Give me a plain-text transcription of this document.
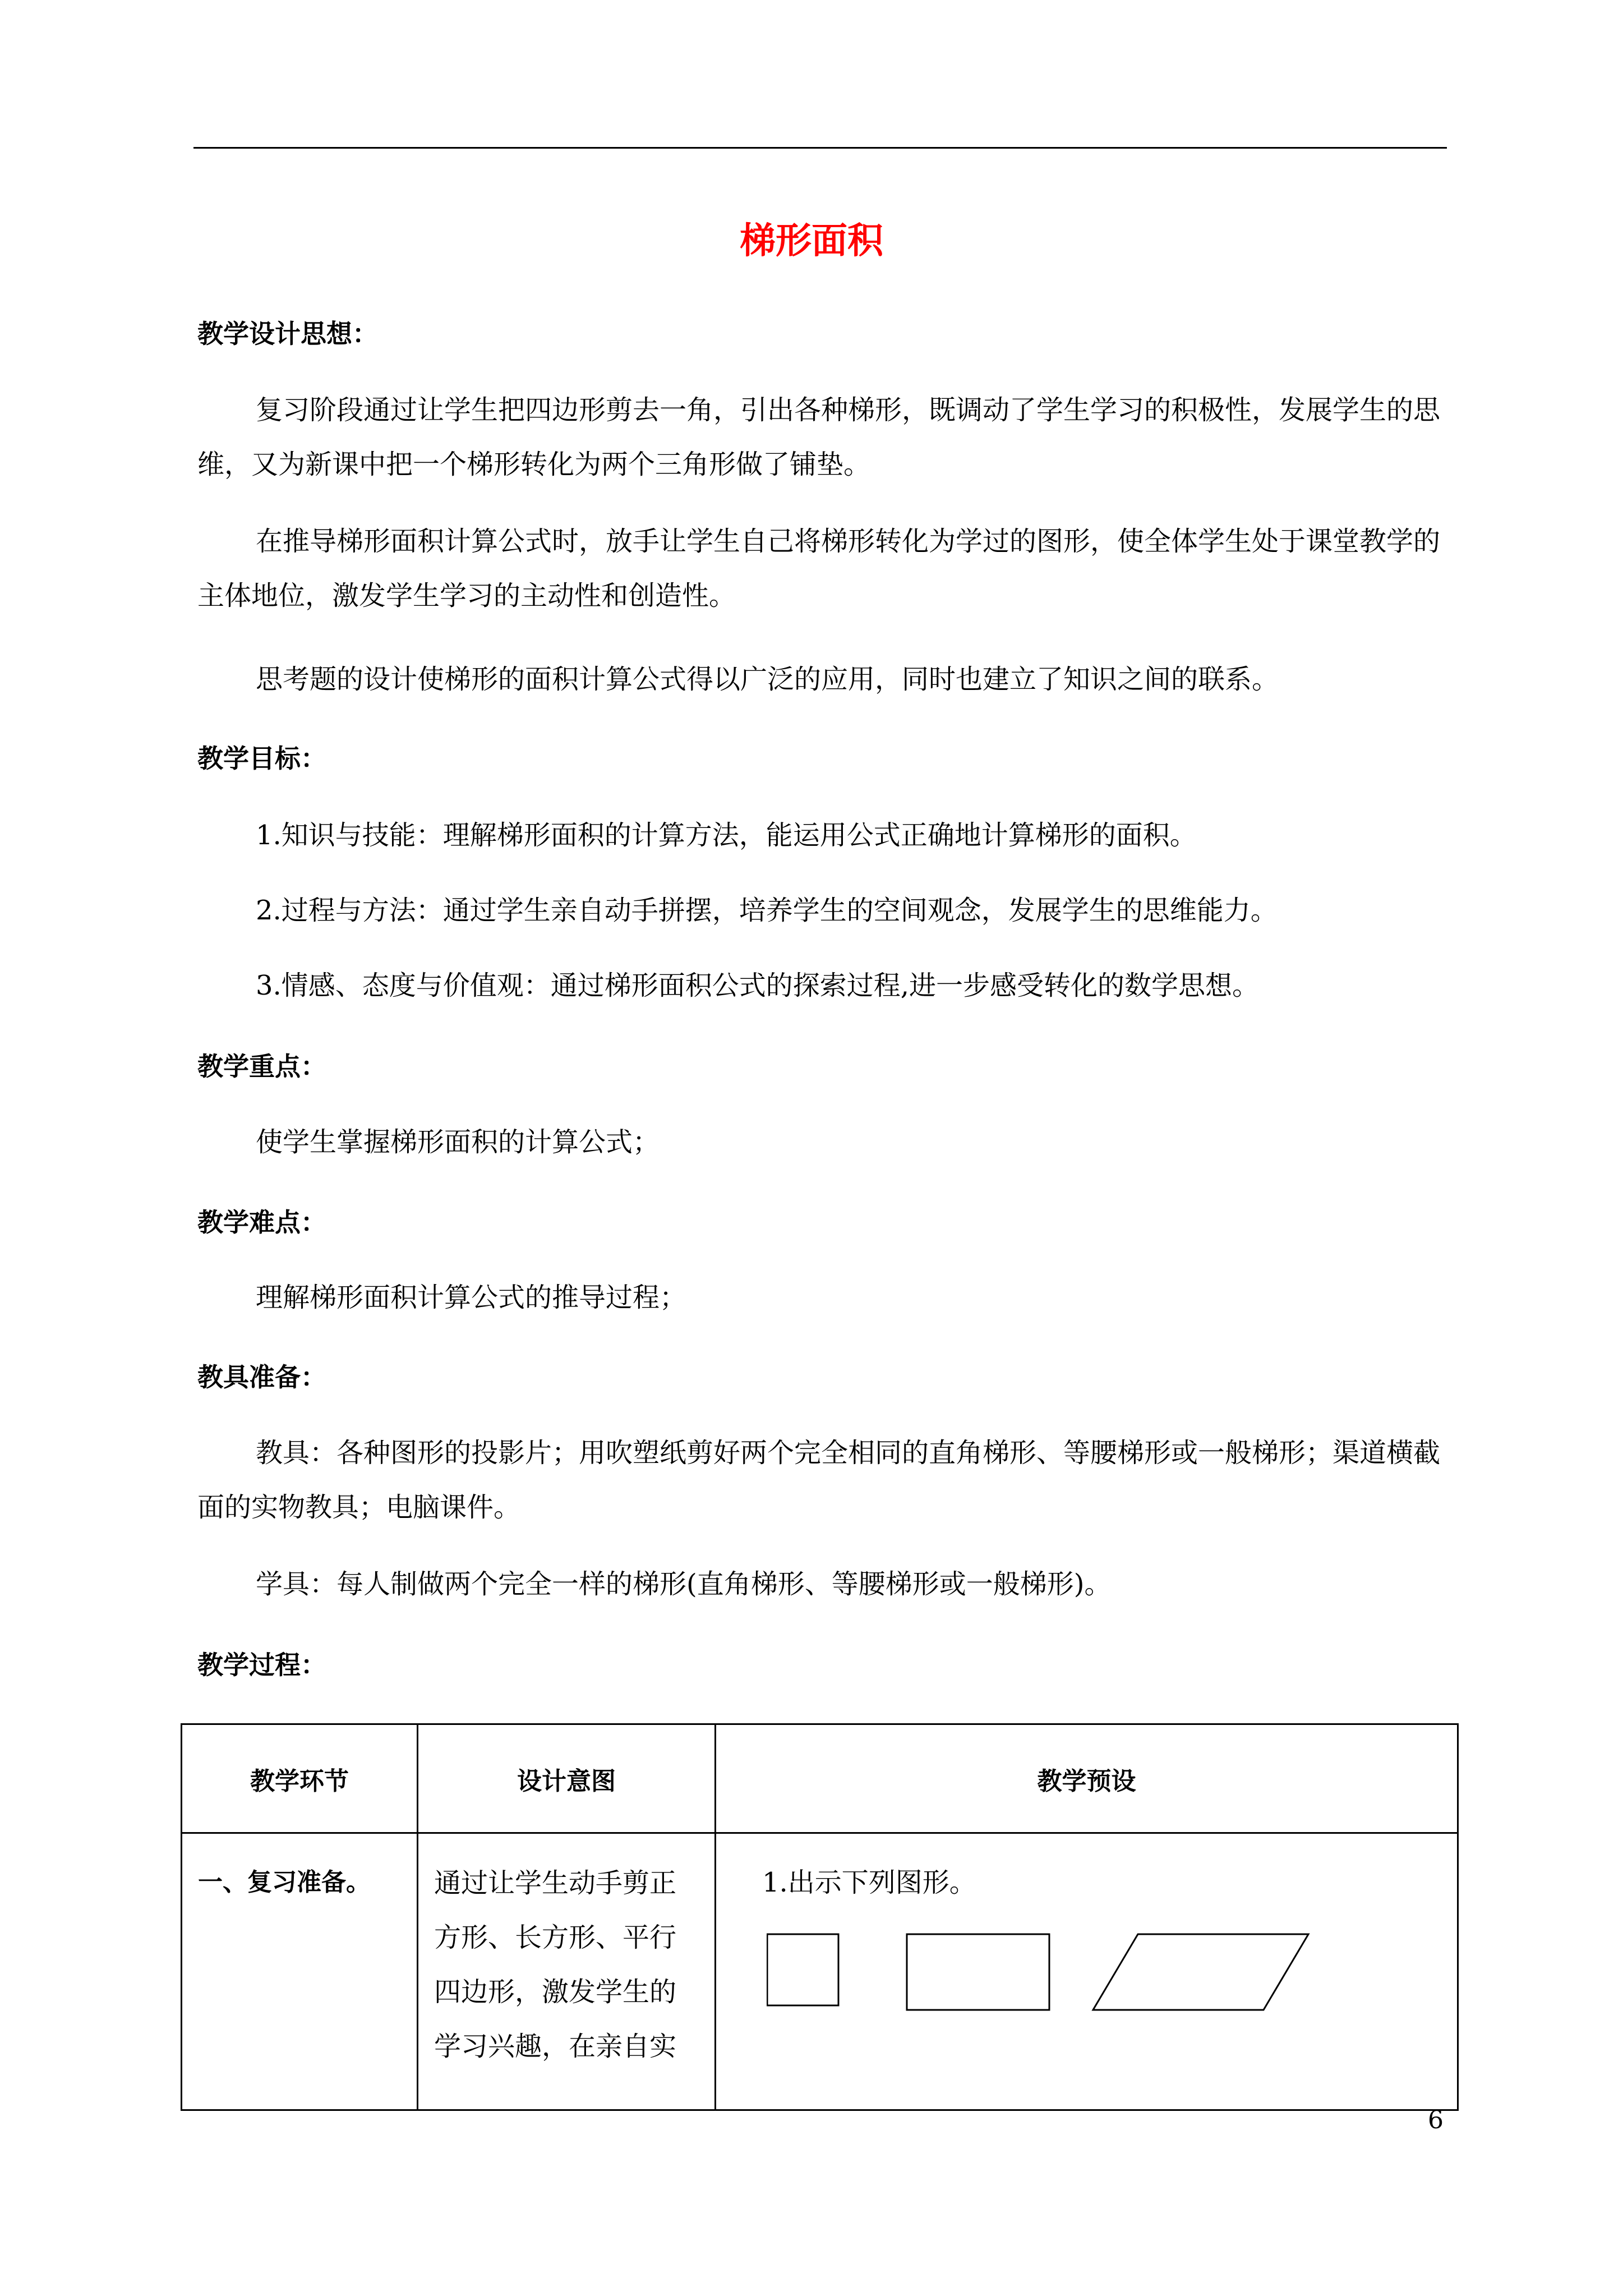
梯形面积
教学设计思想：
复习阶段通过让学生把四边形剪去一角，引出各种梯形，既调动了学生学习的积极性，发展学生的思维，又为新课中把一个梯形转化为两个三角形做了铺垫。
在推导梯形面积计算公式时，放手让学生自己将梯形转化为学过的图形，使全体学生处于课堂教学的主体地位，激发学生学习的主动性和创造性。
思考题的设计使梯形的面积计算公式得以广泛的应用，同时也建立了知识之间的联系。
教学目标：
1.知识与技能：理解梯形面积的计算方法，能运用公式正确地计算梯形的面积。
2.过程与方法：通过学生亲自动手拼摆，培养学生的空间观念，发展学生的思维能力。
3.情感、态度与价值观：通过梯形面积公式的探索过程,进一步感受转化的数学思想。
教学重点：
使学生掌握梯形面积的计算公式；
教学难点：
理解梯形面积计算公式的推导过程；
教具准备：
教具：各种图形的投影片；用吹塑纸剪好两个完全相同的直角梯形、等腰梯形或一般梯形；渠道横截面的实物教具；电脑课件。
学具：每人制做两个完全一样的梯形(直角梯形、等腰梯形或一般梯形)。
教学过程：
教学环节	设计意图	教学预设
一、复习准备。	通过让学生动手剪正方形、长方形、平行四边形，激发学生的学习兴趣，在亲自实	1.出示下列图形。
6
